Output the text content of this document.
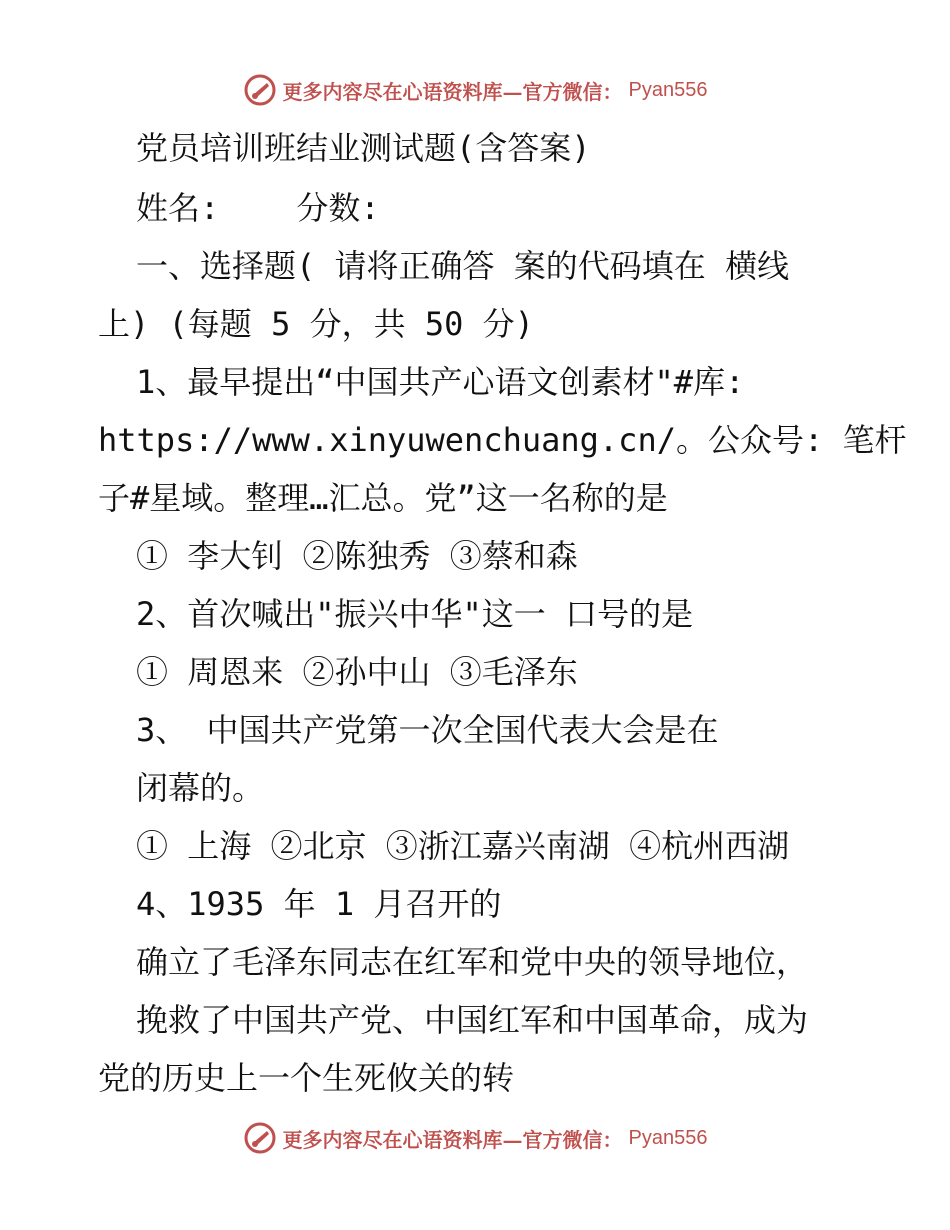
更多内容尽在心语资料库—官方微信： Pyan556
党员培训班结业测试题(含答案)
姓名:    分数:
一、选择题( 请将正确答 案的代码填在 横线
上) (每题 5 分，共 50 分)
1、最早提出“中国共产心语文创素材"#库:
https://www.xinyuwenchuang.cn/。公众号: 笔杆
子#星域。整理…汇总。党”这一名称的是
① 李大钊 ②陈独秀 ③蔡和森
2、首次喊出"振兴中华"这一 口号的是
① 周恩来 ②孙中山 ③毛泽东
3、 中国共产党第一次全国代表大会是在
闭幕的。
① 上海 ②北京 ③浙江嘉兴南湖 ④杭州西湖
4、1935 年 1 月召开的
确立了毛泽东同志在红军和党中央的领导地位，
挽救了中国共产党、中国红军和中国革命，成为
党的历史上一个生死攸关的转
更多内容尽在心语资料库—官方微信： Pyan556
